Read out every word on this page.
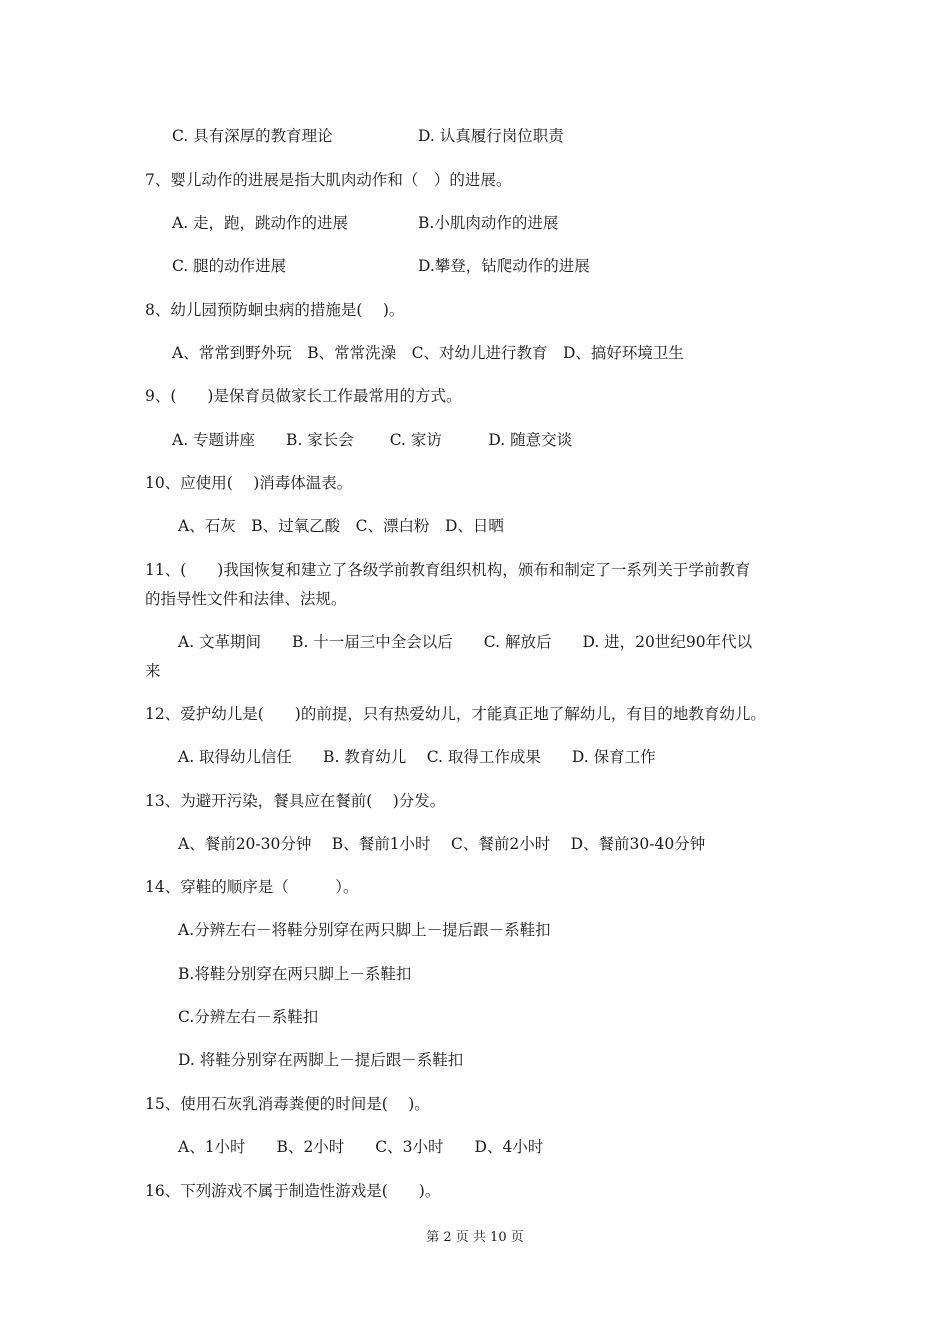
C. 具有深厚的教育理论	D. 认真履行岗位职责
7、婴儿动作的进展是指大肌肉动作和（　）的进展。
A. 走，跑，跳动作的进展	B.小肌肉动作的进展
C. 腿的动作进展	D.攀登，钻爬动作的进展
8、幼儿园预防蛔虫病的措施是(　 )。
A、常常到野外玩　B、常常洗澡　C、对幼儿进行教育　D、搞好环境卫生
9、(　　)是保育员做家长工作最常用的方式。
A. 专题讲座　　B. 家长会　　 C. 家访　　　D. 随意交谈
10、应使用(　 )消毒体温表。
A、石灰　B、过氧乙酸　C、漂白粉　D、日晒
11、(　　)我国恢复和建立了各级学前教育组织机构，颁布和制定了一系列关于学前教育
的指导性文件和法律、法规。
A. 文革期间　　B. 十一届三中全会以后　　C. 解放后　　D. 进，20世纪90年代以
来
12、爱护幼儿是(　　)的前提，只有热爱幼儿，才能真正地了解幼儿，有目的地教育幼儿。
A. 取得幼儿信任　　B. 教育幼儿　 C. 取得工作成果　　D. 保育工作
13、为避开污染，餐具应在餐前(　 )分发。
A、餐前20-30分钟　 B、餐前1小时　 C、餐前2小时　 D、餐前30-40分钟
14、穿鞋的顺序是（　　　）。
A.分辨左右－将鞋分别穿在两只脚上－提后跟－系鞋扣
B.将鞋分别穿在两只脚上－系鞋扣
C.分辨左右－系鞋扣
D. 将鞋分别穿在两脚上－提后跟－系鞋扣
15、使用石灰乳消毒粪便的时间是(　 )。
A、1小时　　B、2小时　　C、3小时　　D、4小时
16、下列游戏不属于制造性游戏是(　　)。
第 2 页 共 10 页
